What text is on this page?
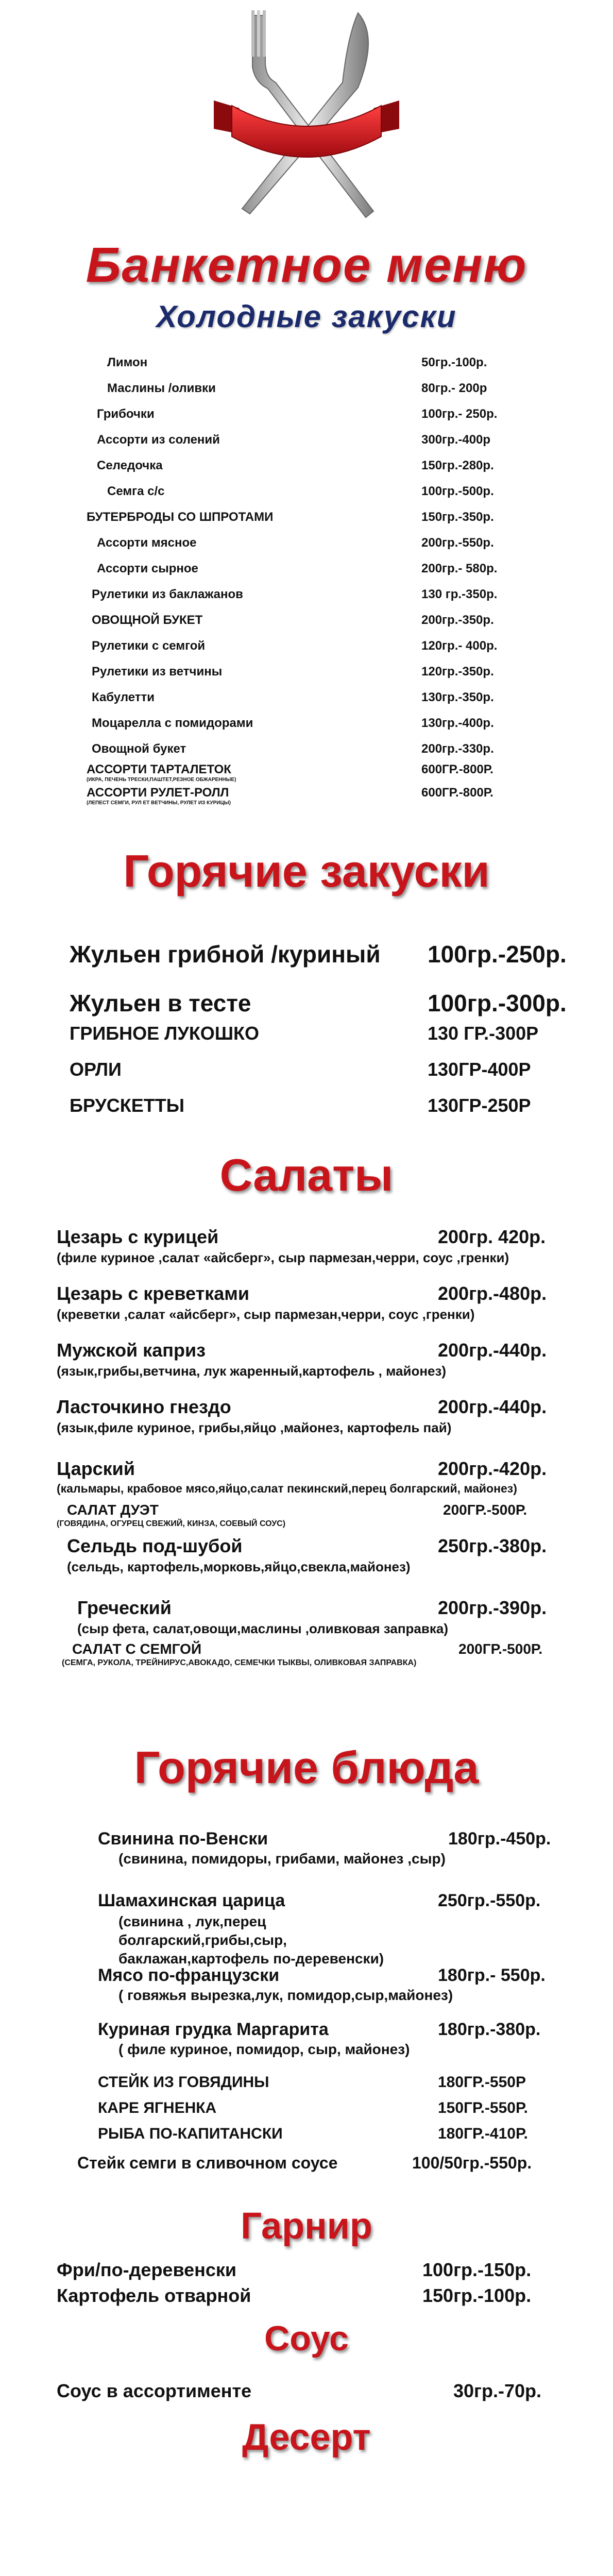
Банкетное меню
Холодные закуски
Лимон	50гр.-100р.
Маслины /оливки	80гр.- 200р
Грибочки	100гр.- 250р.
Ассорти из солений	300гр.-400р
Селедочка	150гр.-280р.
Семга с/с	100гр.-500р.
БУТЕРБРОДЫ СО ШПРОТАМИ	150гр.-350р.
Ассорти мясное	200гр.-550р.
Ассорти сырное	200гр.- 580р.
Рулетики из баклажанов	130 гр.-350р.
ОВОЩНОЙ БУКЕТ	200гр.-350р.
Рулетики с семгой	120гр.- 400р.
Рулетики из ветчины	120гр.-350р.
Кабулетти	130гр.-350р.
Моцарелла с помидорами	130гр.-400р.
Овощной букет	200гр.-330р.
АССОРТИ ТАРТАЛЕТОК	600ГР.-800Р.
(ИКРА, ПЕЧЕНЬ ТРЕСКИ,ПАШТЕТ,РЕЗНОЕ ОБЖАРЕННЫЕ)
АССОРТИ РУЛЕТ-РОЛЛ	600ГР.-800Р.
(ЛЕПЕСТ СЕМГИ, РУЛ ЕТ ВЕТЧИНЫ, РУЛЕТ ИЗ КУРИЦЫ)
Горячие закуски
Жульен грибной /куриный 100гр.-250р.
Жульен в тесте	100гр.-300р.
ГРИБНОЕ ЛУКОШКО	130 ГР.-300Р
ОРЛИ	130ГР-400Р
БРУСКЕТТЫ	130ГР-250Р
Салаты
Цезарь с курицей	200гр. 420р.
(филе куриное ,салат «айсберг», сыр пармезан,черри, соус ,гренки)
Цезарь с креветками	200гр.-480р.
(креветки ,салат «айсберг», сыр пармезан,черри, соус ,гренки)
Мужской каприз	200гр.-440р.
(язык,грибы,ветчина, лук жаренный,картофель , майонез)
Ласточкино гнездо	200гр.-440р.
(язык,филе куриное, грибы,яйцо ,майонез, картофель пай)
Царский	200гр.-420р.
(кальмары, крабовое мясо,яйцо,салат пекинский,перец болгарский, майонез)
САЛАТ ДУЭТ	200ГР.-500Р.
(ГОВЯДИНА, ОГУРЕЦ СВЕЖИЙ, КИНЗА, СОЕВЫЙ СОУС)
Сельдь под-шубой	250гр.-380р.
(сельдь, картофель,морковь,яйцо,свекла,майонез)
Греческий	200гр.-390р.
(сыр фета, салат,овощи,маслины ,оливковая заправка)
САЛАТ С СЕМГОЙ	200ГР.-500Р.
(СЕМГА, РУКОЛА, ТРЕЙНИРУС,АВОКАДО, СЕМЕЧКИ ТЫКВЫ, ОЛИВКОВАЯ ЗАПРАВКА)
Горячие блюда
Свинина по-Венски	180гр.-450р.
(свинина, помидоры, грибами, майонез ,сыр)
Шамахинская царица	250гр.-550р.
(свинина , лук,перец болгарский,грибы,сыр, баклажан,картофель по-деревенски)
Мясо по-французски	180гр.- 550р.
( говяжья вырезка,лук, помидор,сыр,майонез)
Куриная грудка Маргарита	180гр.-380р.
( филе куриное, помидор, сыр, майонез)
СТЕЙК ИЗ ГОВЯДИНЫ	180ГР.-550Р
КАРЕ ЯГНЕНКА	150ГР.-550Р.
РЫБА ПО-КАПИТАНСКИ	180ГР.-410Р.
Стейк семги в сливочном соусе	100/50гр.-550р.
Гарнир
Фри/по-деревенски	100гр.-150р.
Картофель отварной	150гр.-100р.
Соус
Соус в ассортименте	30гр.-70р.
Десерт
